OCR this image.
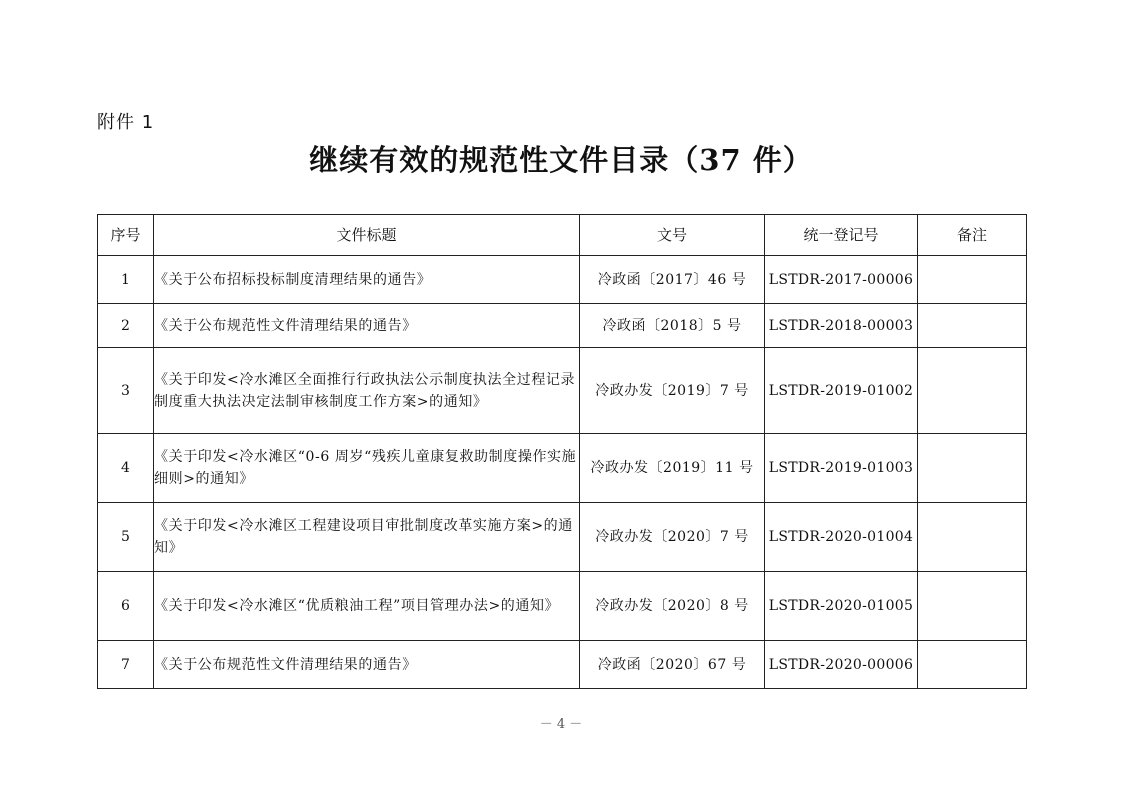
附件 1
继续有效的规范性文件目录（37 件）
序号	文件标题	文号	统一登记号	备注
1	《关于公布招标投标制度清理结果的通告》	冷政函〔2017〕46 号	LSTDR-2017-00006	
2	《关于公布规范性文件清理结果的通告》	冷政函〔2018〕5 号	LSTDR-2018-00003	
3	《关于印发<冷水滩区全面推行行政执法公示制度执法全过程记录制度重大执法决定法制审核制度工作方案>的通知》	冷政办发〔2019〕7 号	LSTDR-2019-01002	
4	《关于印发<冷水滩区“0-6 周岁“残疾儿童康复救助制度操作实施细则>的通知》	冷政办发〔2019〕11 号	LSTDR-2019-01003	
5	《关于印发<冷水滩区工程建设项目审批制度改革实施方案>的通知》	冷政办发〔2020〕7 号	LSTDR-2020-01004	
6	《关于印发<冷水滩区“优质粮油工程”项目管理办法>的通知》	冷政办发〔2020〕8 号	LSTDR-2020-01005	
7	《关于公布规范性文件清理结果的通告》	冷政函〔2020〕67 号	LSTDR-2020-00006	
－ 4 －
